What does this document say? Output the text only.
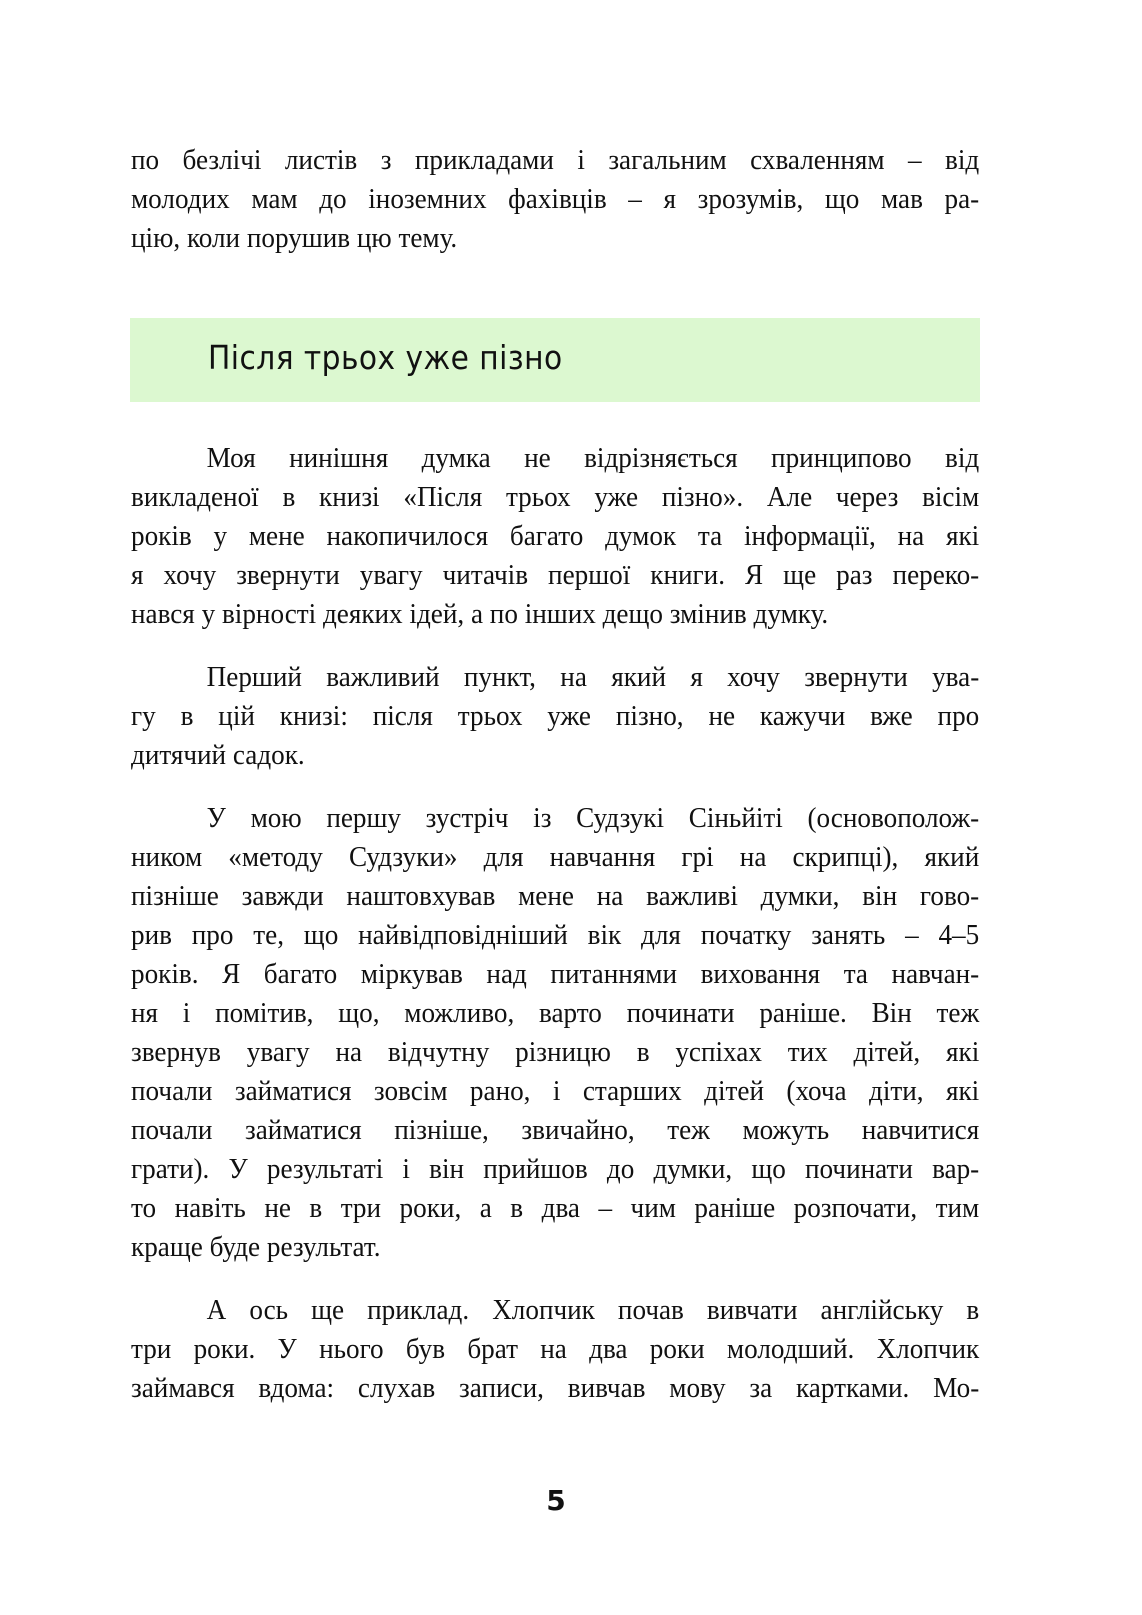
по безлічі листів з прикладами і загальним схваленням – від
молодих мам до іноземних фахівців – я зрозумів, що мав ра-
цію, коли порушив цю тему.
Після трьох уже пізно
Моя нинішня думка не відрізняється принципово від
викладеної в книзі «Після трьох уже пізно». Але через вісім
років у мене накопичилося багато думок та інформації, на які
я хочу звернути увагу читачів першої книги. Я ще раз переко-
нався у вірності деяких ідей, а по інших дещо змінив думку.
Перший важливий пункт, на який я хочу звернути ува-
гу в цій книзі: після трьох уже пізно, не кажучи вже про
дитячий садок.
У мою першу зустріч із Судзукі Сіньйіті (основополож-
ником «методу Судзуки» для навчання грі на скрипці), який
пізніше завжди наштовхував мене на важливі думки, він гово-
рив про те, що найвідповідніший вік для початку занять – 4–5
років. Я багато міркував над питаннями виховання та навчан-
ня і помітив, що, можливо, варто починати раніше. Він теж
звернув увагу на відчутну різницю в успіхах тих дітей, які
почали займатися зовсім рано, і старших дітей (хоча діти, які
почали займатися пізніше, звичайно, теж можуть навчитися
грати). У результаті і він прийшов до думки, що починати вар-
то навіть не в три роки, а в два – чим раніше розпочати, тим
краще буде результат.
А ось ще приклад. Хлопчик почав вивчати англійську в
три роки. У нього був брат на два роки молодший. Хлопчик
займався вдома: слухав записи, вивчав мову за картками. Мо-
5
